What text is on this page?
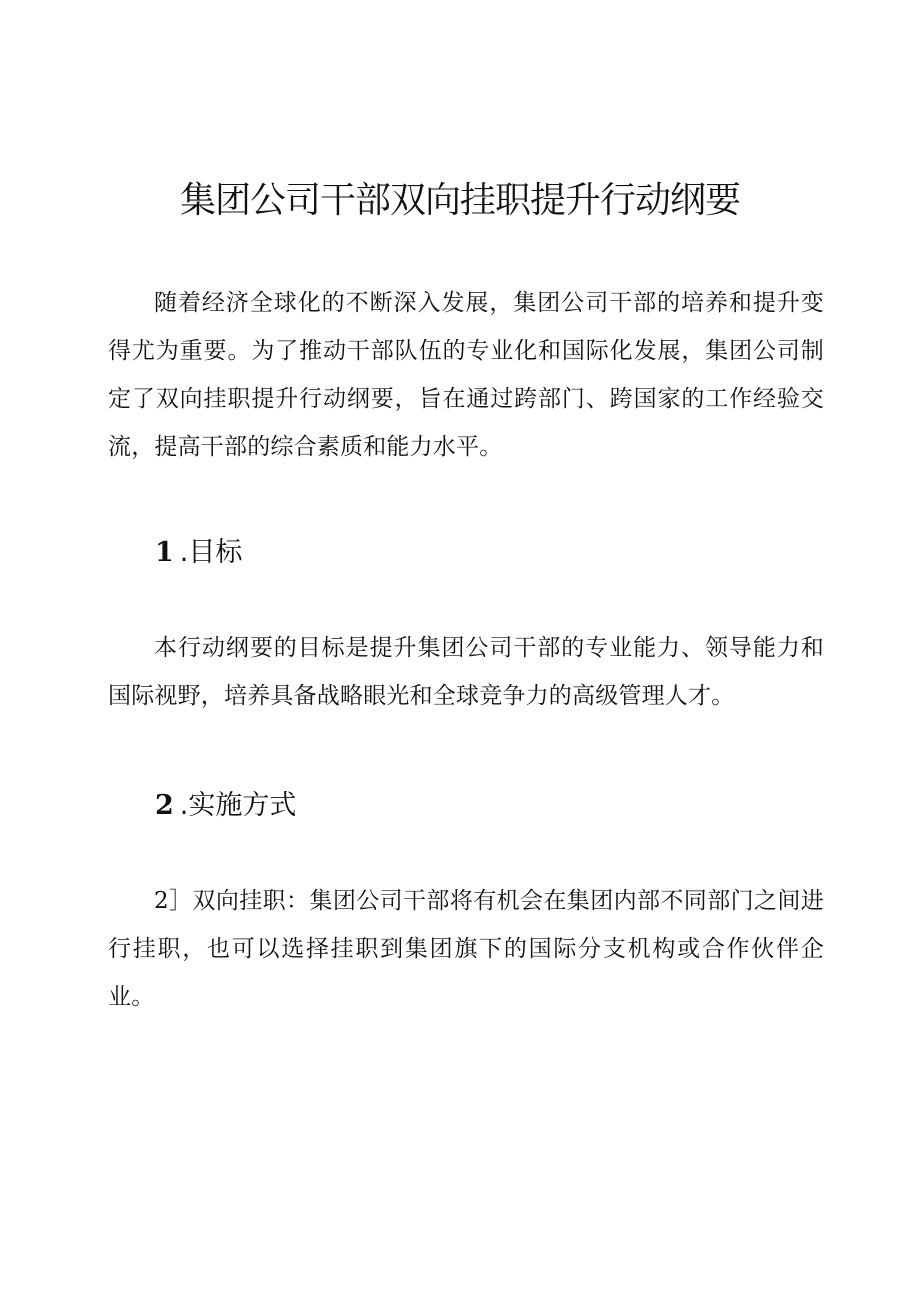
集团公司干部双向挂职提升行动纲要

随着经济全球化的不断深入发展，集团公司干部的培养和提升变得尤为重要。为了推动干部队伍的专业化和国际化发展，集团公司制定了双向挂职提升行动纲要，旨在通过跨部门、跨国家的工作经验交流，提高干部的综合素质和能力水平。

1 .目标

本行动纲要的目标是提升集团公司干部的专业能力、领导能力和国际视野，培养具备战略眼光和全球竞争力的高级管理人才。

2 .实施方式

2］双向挂职：集团公司干部将有机会在集团内部不同部门之间进行挂职，也可以选择挂职到集团旗下的国际分支机构或合作伙伴企业。
